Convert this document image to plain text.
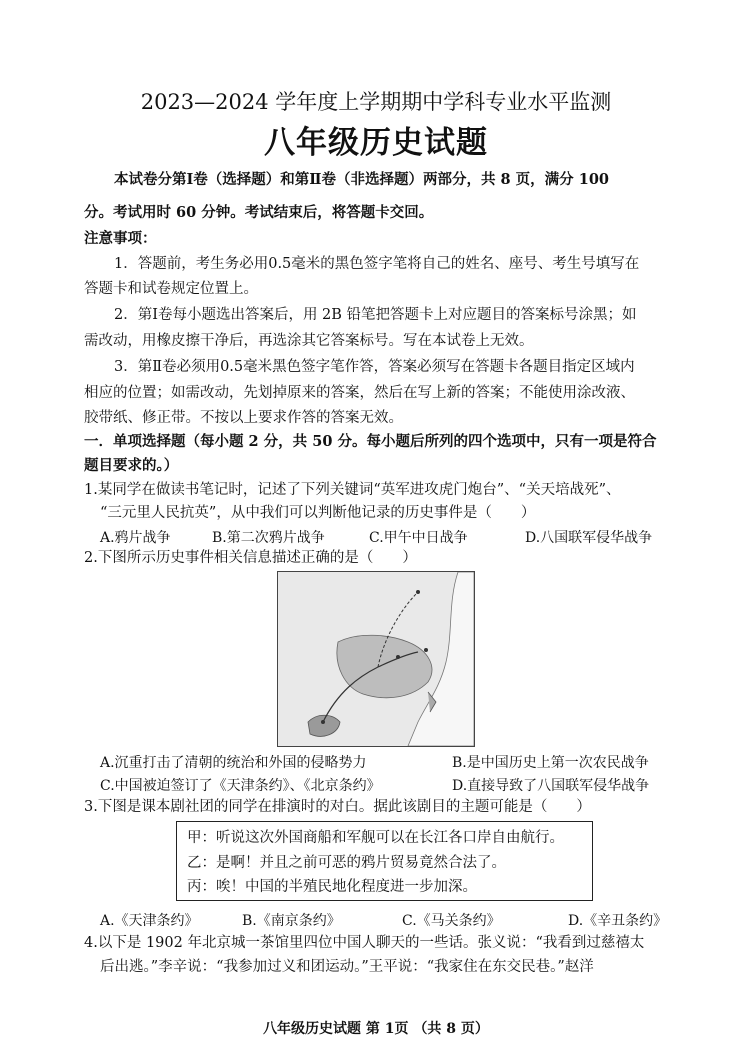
2023—2024 学年度上学期期中学科专业水平监测
八年级历史试题
本试卷分第Ⅰ卷（选择题）和第Ⅱ卷（非选择题）两部分，共 8 页，满分 100
分。考试用时 60 分钟。考试结束后，将答题卡交回。
注意事项：
1．答题前，考生务必用0.5毫米的黑色签字笔将自己的姓名、座号、考生号填写在
答题卡和试卷规定位置上。
2．第Ⅰ卷每小题选出答案后，用 2B 铅笔把答题卡上对应题目的答案标号涂黑；如
需改动，用橡皮擦干净后，再选涂其它答案标号。写在本试卷上无效。
3．第Ⅱ卷必须用0.5毫米黑色签字笔作答，答案必须写在答题卡各题目指定区域内
相应的位置；如需改动，先划掉原来的答案，然后在写上新的答案；不能使用涂改液、
胶带纸、修正带。不按以上要求作答的答案无效。
一．单项选择题（每小题 2 分，共 50 分。每小题后所列的四个选项中，只有一项是符合
题目要求的。）
1.某同学在做读书笔记时，记述了下列关键词“英军进攻虎门炮台”、“关天培战死”、
“三元里人民抗英”，从中我们可以判断他记录的历史事件是（　　）
A.鸦片战争	B.第二次鸦片战争	C.甲午中日战争	D.八国联军侵华战争
2.下图所示历史事件相关信息描述正确的是（　　）
A.沉重打击了清朝的统治和外国的侵略势力	B.是中国历史上第一次农民战争
C.中国被迫签订了《天津条约》、《北京条约》	D.直接导致了八国联军侵华战争
3.下图是课本剧社团的同学在排演时的对白。据此该剧目的主题可能是（　　）
甲：听说这次外国商船和军舰可以在长江各口岸自由航行。
乙：是啊！并且之前可恶的鸦片贸易竟然合法了。
丙：唉！中国的半殖民地化程度进一步加深。
A.《天津条约》	B.《南京条约》	C.《马关条约》	D.《辛丑条约》
4.以下是 1902 年北京城一茶馆里四位中国人聊天的一些话。张义说：“我看到过慈禧太
后出逃。”李辛说：“我参加过义和团运动。”王平说：“我家住在东交民巷。”赵洋
八年级历史试题 第 1页 （共 8 页）
